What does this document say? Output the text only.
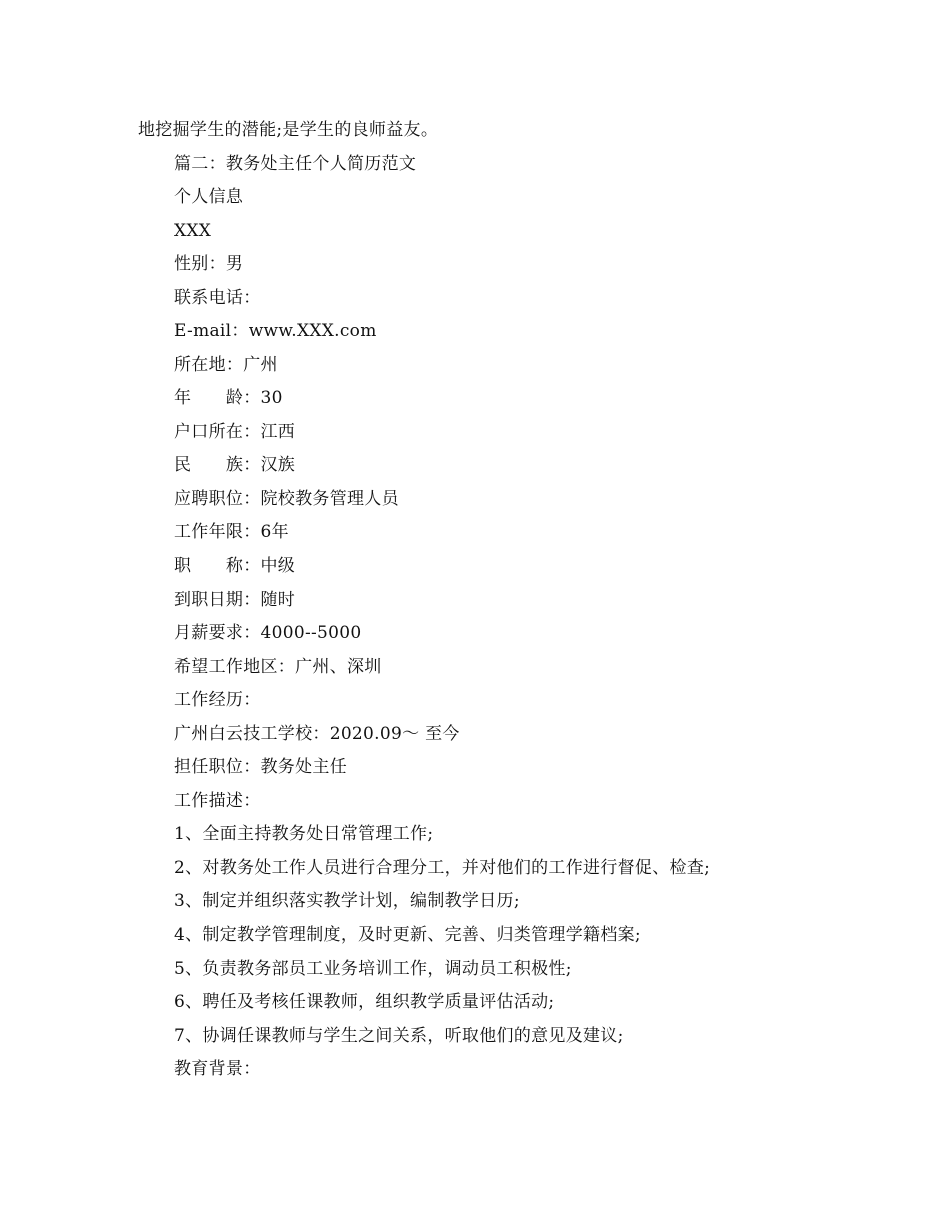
地挖掘学生的潜能;是学生的良师益友。
篇二：教务处主任个人简历范文
个人信息
XXX
性别：男
联系电话：
E-mail：www.XXX.com
所在地：广州
年　　龄：30
户口所在：江西
民　　族：汉族
应聘职位：院校教务管理人员
工作年限：6年
职　　称：中级
到职日期：随时
月薪要求：4000--5000
希望工作地区：广州、深圳
工作经历：
广州白云技工学校：2020.09～ 至今
担任职位：教务处主任
工作描述：
1、全面主持教务处日常管理工作;
2、对教务处工作人员进行合理分工，并对他们的工作进行督促、检查;
3、制定并组织落实教学计划，编制教学日历;
4、制定教学管理制度，及时更新、完善、归类管理学籍档案;
5、负责教务部员工业务培训工作，调动员工积极性;
6、聘任及考核任课教师，组织教学质量评估活动;
7、协调任课教师与学生之间关系，听取他们的意见及建议;
教育背景：
